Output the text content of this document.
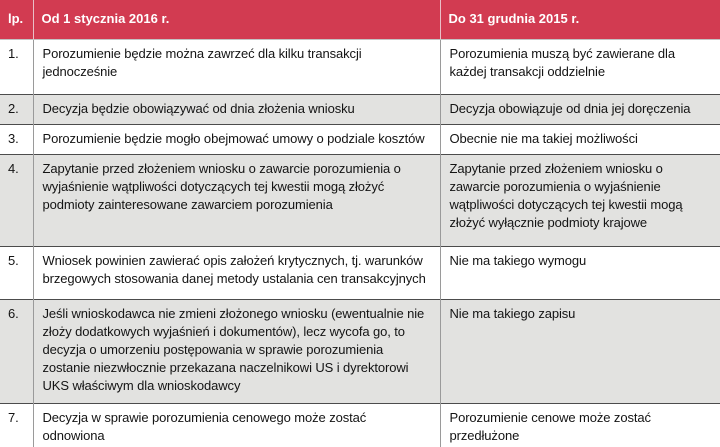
lp.	Od 1 stycznia 2016 r.	Do 31 grudnia 2015 r.
1.	Porozumienie będzie można zawrzeć dla kilku transakcji jednocześnie	Porozumienia muszą być zawierane dla każdej transakcji oddzielnie
2.	Decyzja będzie obowiązywać od dnia złożenia wniosku	Decyzja obowiązuje od dnia jej doręczenia
3.	Porozumienie będzie mogło obejmować umowy o podziale kosztów	Obecnie nie ma takiej możliwości
4.	Zapytanie przed złożeniem wniosku o zawarcie porozumienia o wyjaśnienie wątpliwości dotyczących tej kwestii mogą złożyć podmioty zainteresowane zawarciem porozumienia	Zapytanie przed złożeniem wniosku o zawarcie porozumienia o wyjaśnienie wątpliwości dotyczących tej kwestii mogą złożyć wyłącznie podmioty krajowe
5.	Wniosek powinien zawierać opis założeń krytycznych, tj. warunków brzegowych stosowania danej metody ustalania cen transakcyjnych	Nie ma takiego wymogu
6.	Jeśli wnioskodawca nie zmieni złożonego wniosku (ewentualnie nie złoży dodatkowych wyjaśnień i dokumentów), lecz wycofa go, to decyzja o umorzeniu postępowania w sprawie porozumienia zostanie niezwłocznie przekazana naczelnikowi US i dyrektorowi UKS właściwym dla wnioskodawcy	Nie ma takiego zapisu
7.	Decyzja w sprawie porozumienia cenowego może zostać odnowiona	Porozumienie cenowe może zostać przedłużone
